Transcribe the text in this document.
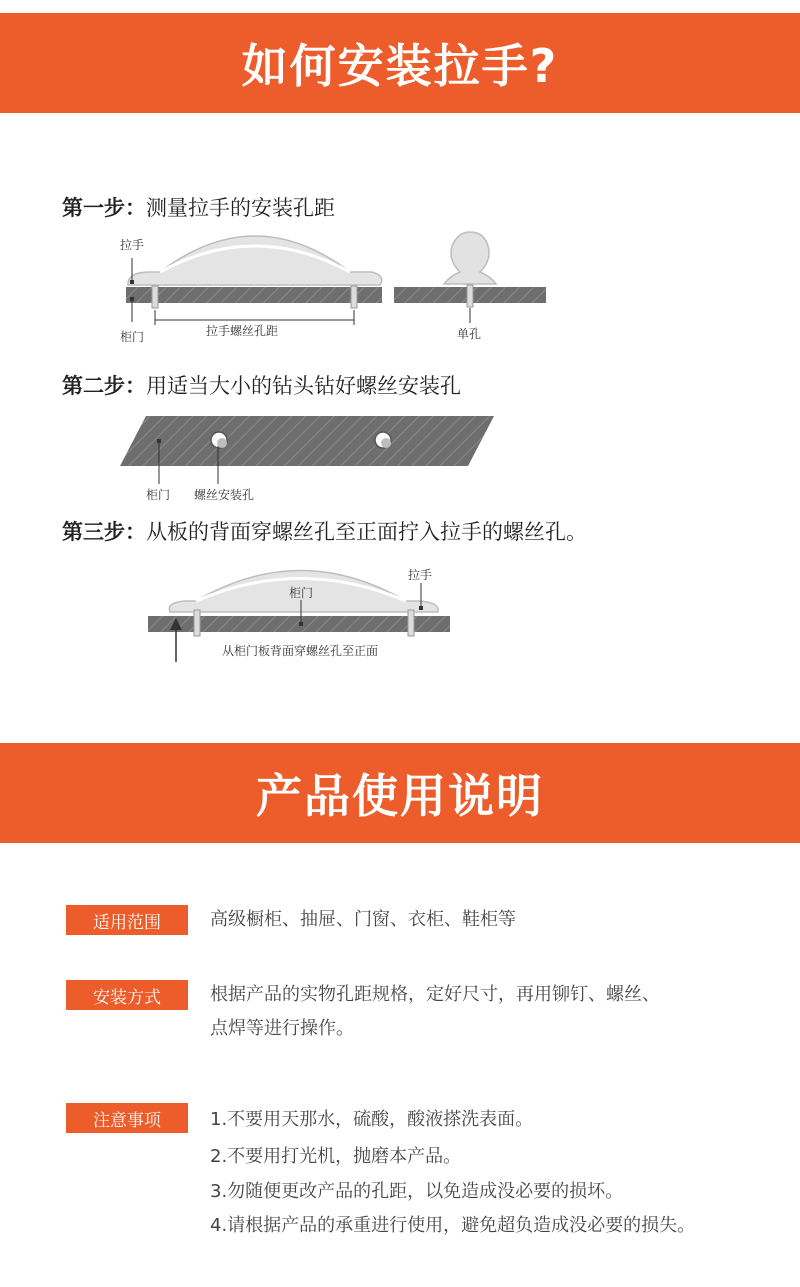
如何安装拉手?
第一步：测量拉手的安装孔距
拉手
柜门	拉手螺丝孔距	单孔
第二步：用适当大小的钻头钻好螺丝安装孔
柜门 螺丝安装孔
第三步：从板的背面穿螺丝孔至正面拧入拉手的螺丝孔。
拉手
柜门
从柜门板背面穿螺丝孔至正面
产品使用说明
适用范围	高级橱柜、抽屉、门窗、衣柜、鞋柜等
安装方式	根据产品的实物孔距规格，定好尺寸，再用铆钉、螺丝、
点焊等进行操作。
注意事项	1.不要用天那水，硫酸，酸液搽洗表面。
2.不要用打光机，抛磨本产品。
3.勿随便更改产品的孔距，以免造成没必要的损坏。
4.请根据产品的承重进行使用，避免超负造成没必要的损失。
